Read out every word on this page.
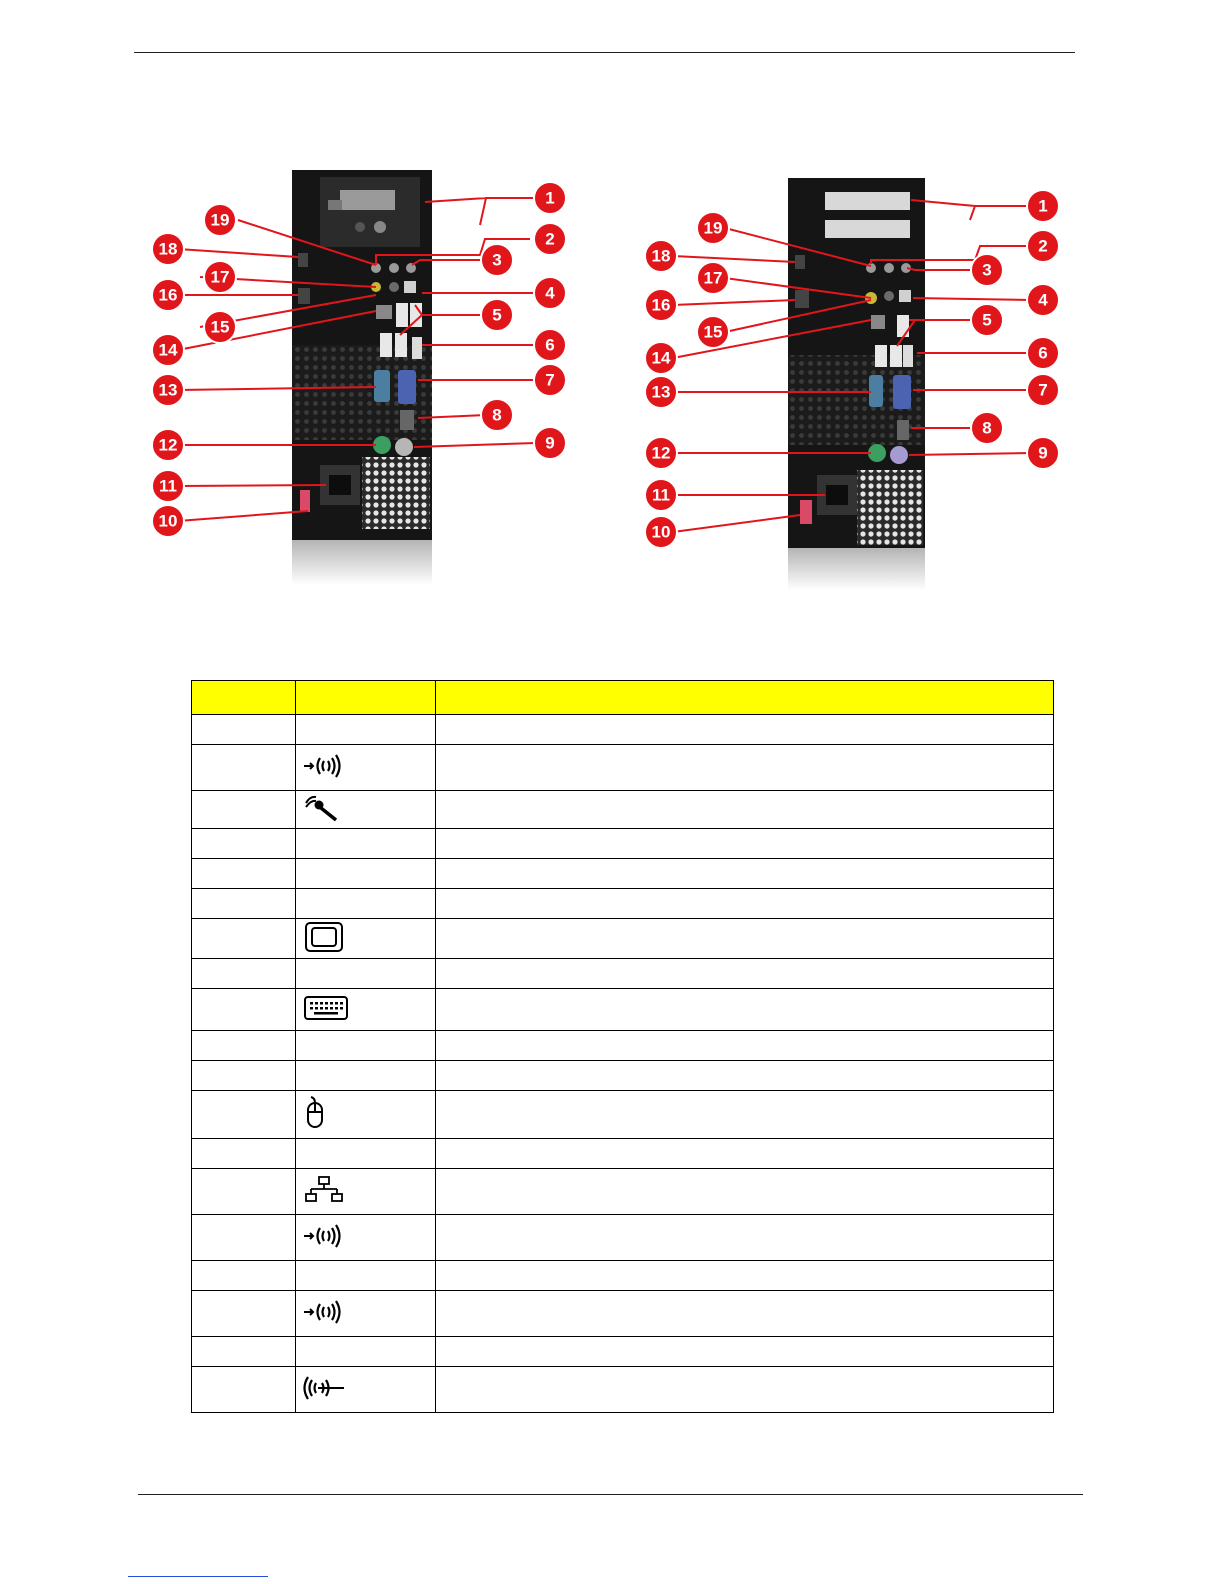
1
2
3
4
5
6
7
8
9
10
11
12
13
14
15
16
17
18
19
1
2
3
4
5
6
7
8
9
10
11
12
13
14
15
16
17
18
19
